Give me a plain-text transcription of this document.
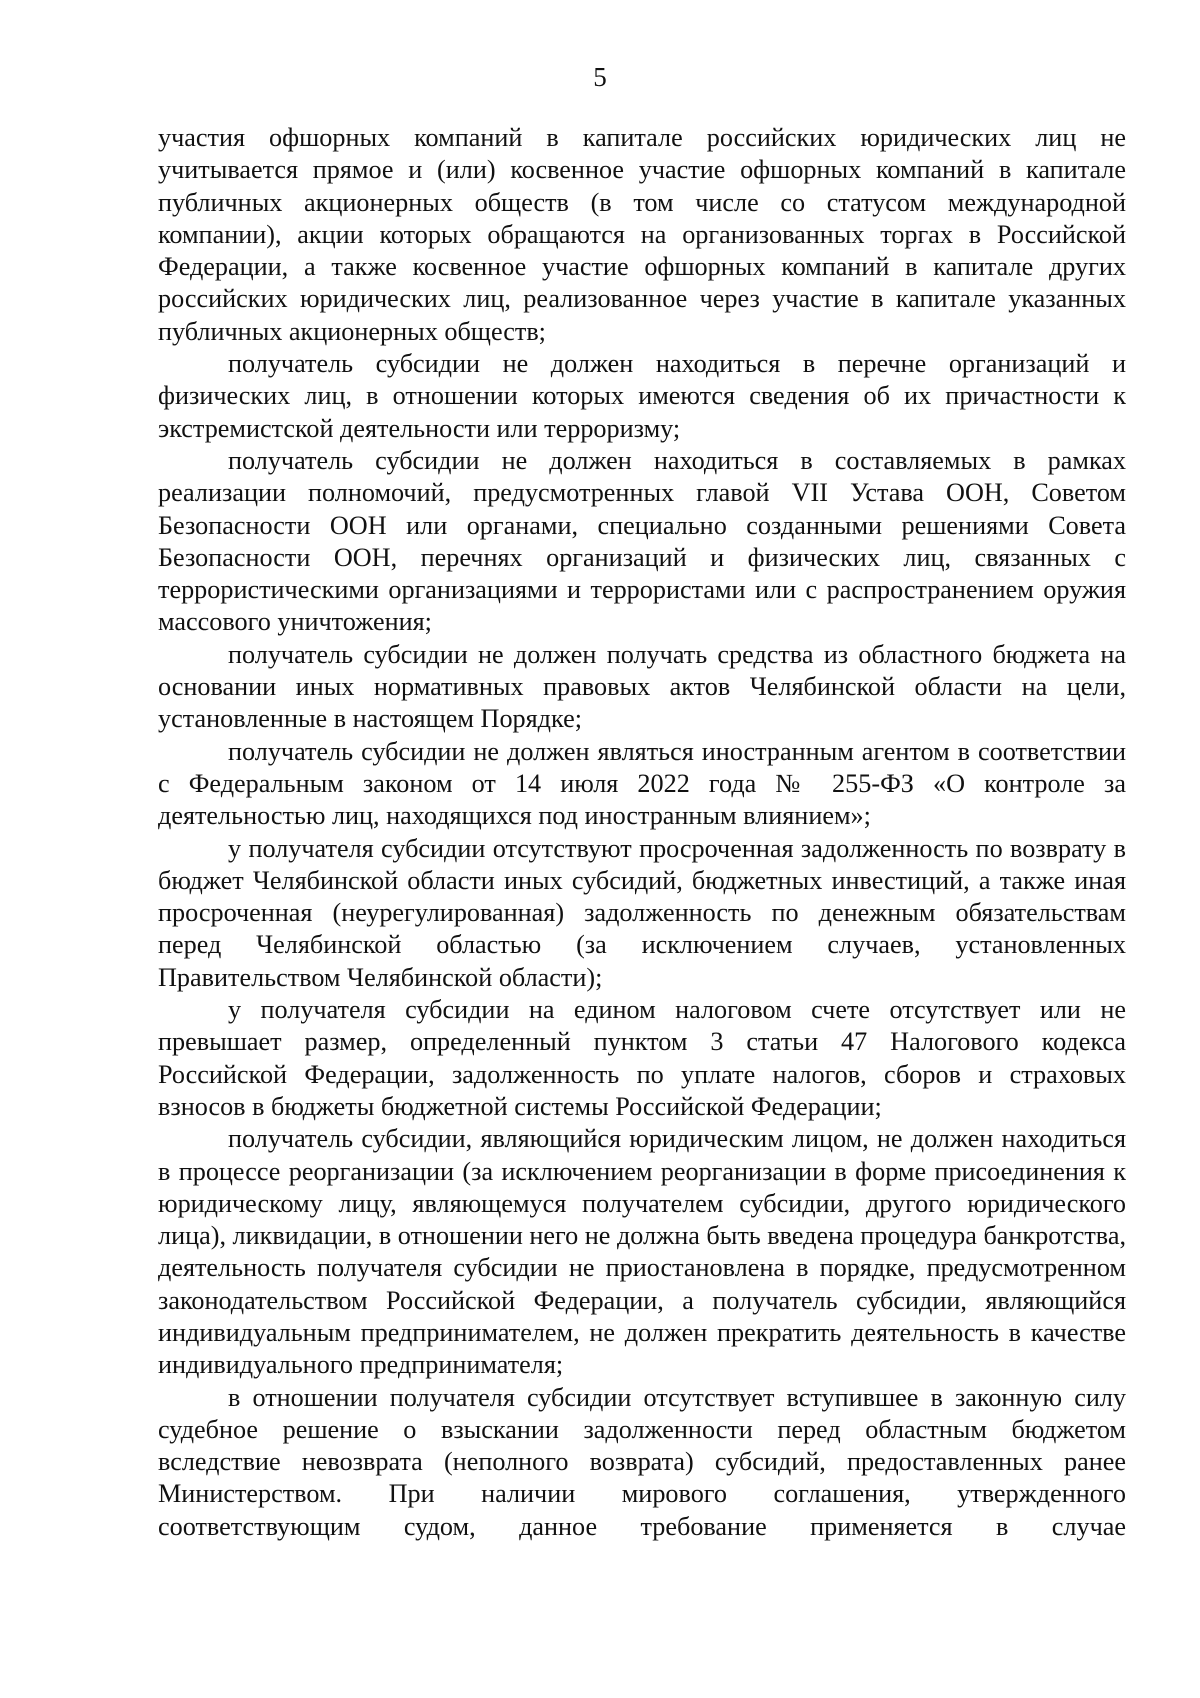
5

участия офшорных компаний в капитале российских юридических лиц не учитывается прямое и (или) косвенное участие офшорных компаний в капитале публичных акционерных обществ (в том числе со статусом международной компании), акции которых обращаются на организованных торгах в Российской Федерации, а также косвенное участие офшорных компаний в капитале других российских юридических лиц, реализованное через участие в капитале указанных публичных акционерных обществ;

получатель субсидии не должен находиться в перечне организаций и физических лиц, в отношении которых имеются сведения об их причастности к экстремистской деятельности или терроризму;

получатель субсидии не должен находиться в составляемых в рамках реализации полномочий, предусмотренных главой VII Устава ООН, Советом Безопасности ООН или органами, специально созданными решениями Совета Безопасности ООН, перечнях организаций и физических лиц, связанных с террористическими организациями и террористами или с распространением оружия массового уничтожения;

получатель субсидии не должен получать средства из областного бюджета на основании иных нормативных правовых актов Челябинской области на цели, установленные в настоящем Порядке;

получатель субсидии не должен являться иностранным агентом в соответствии с Федеральным законом от 14 июля 2022 года № 255-ФЗ «О контроле за деятельностью лиц, находящихся под иностранным влиянием»;

у получателя субсидии отсутствуют просроченная задолженность по возврату в бюджет Челябинской области иных субсидий, бюджетных инвестиций, а также иная просроченная (неурегулированная) задолженность по денежным обязательствам перед Челябинской областью (за исключением случаев, установленных Правительством Челябинской области);

у получателя субсидии на едином налоговом счете отсутствует или не превышает размер, определенный пунктом 3 статьи 47 Налогового кодекса Российской Федерации, задолженность по уплате налогов, сборов и страховых взносов в бюджеты бюджетной системы Российской Федерации;

получатель субсидии, являющийся юридическим лицом, не должен находиться в процессе реорганизации (за исключением реорганизации в форме присоединения к юридическому лицу, являющемуся получателем субсидии, другого юридического лица), ликвидации, в отношении него не должна быть введена процедура банкротства, деятельность получателя субсидии не приостановлена в порядке, предусмотренном законодательством Российской Федерации, а получатель субсидии, являющийся индивидуальным предпринимателем, не должен прекратить деятельность в качестве индивидуального предпринимателя;

в отношении получателя субсидии отсутствует вступившее в законную силу судебное решение о взыскании задолженности перед областным бюджетом вследствие невозврата (неполного возврата) субсидий, предоставленных ранее Министерством. При наличии мирового соглашения, утвержденного соответствующим судом, данное требование применяется в случае
